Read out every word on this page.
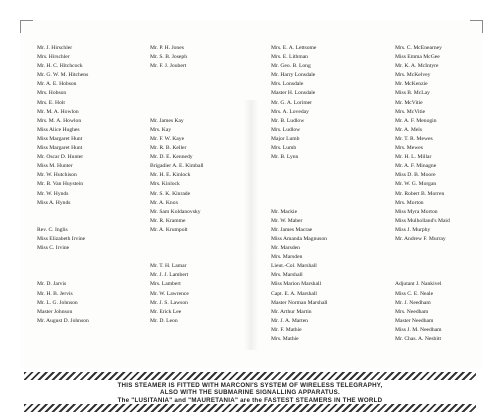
Mr. J. Hirschler
Mrs. Hirschler
Mr. H. C. Hitchcock
Mr. G. W. M. Hitchens
Mr. A. E. Hobson
Mrs. Hobson
Mrs. E. Holt
Mr. M. A. Howlon
Mrs. M. A. Howlon
Miss Alice Hughes
Miss Margaret Hunt
Miss Margaret Hunt
Mr. Oscar D. Hunter
Miss M. Hunter
Mr. W. Hutchison
Mr. B. Van Huystein
Mr. W. Hynds
Miss A. Hynds
Rev. C. Inglis
Miss Elizabeth Irvine
Miss C. Irvine
Mr. D. Jarvis
Mr. H. B. Jervis
Mr. L. G. Johnson
Master Johnson
Mr. August D. Johnson
Mr. P. H. Jones
Mr. S. B. Joseph
Mr. F. J. Joubert
Mr. James Kay
Mrs. Kay
Mr. F. W. Kaye
Mr. R. B. Keller
Mr. D. E. Kennedy
Brigadier A. E. Kimball
Mr. H. E. Kinlock
Mrs. Kinlock
Mr. S. K. Kinrade
Mr. A. Knox
Mr. Sam Koldanovsky
Mr. R. Kramme
Mr. A. Krumpolt
Mr. T. H. Lamar
Mr. J. J. Lambert
Mrs. Lambert
Mr. W. Lawrence
Mr. J. S. Lawson
Mr. Erick Lee
Mr. D. Leon
Mrs. E. A. Lettsome
Mrs. E. Lithman
Mr. Geo. B. Long
Mr. Harry Lonsdale
Mrs. Lonsdale
Master H. Lonsdale
Mr. G. A. Lorimer
Mrs. A. Loveday
Mr. B. Ludlow
Mrs. Ludlow
Major Lumb
Mrs. Lumb
Mr. B. Lynn
Mr. Mackie
Mr. W. Maber
Mr. James Macrae
Miss Amanda Magnuson
Mr. Marsden
Mrs. Marsden
Lieut.-Col. Marshall
Mrs. Marshall
Miss Marion Marshall
Capt. E. A. Marshall
Master Norman Marshall
Mr. Arthur Martin
Mr. J. A. Marten
Mr. F. Mathie
Mrs. Mathie
Mrs. C. McEnearney
Miss Emma McGee
Mr. K. A. McIntyre
Mrs. McKelvey
Mr. McKenzie
Miss B. McLay
Mr. McVitie
Mrs. McVitie
Mr. A. F. Menogin
Mr. A. Mels
Mr. T. R. Mewes
Mrs. Mewes
Mr. H. L. Millar
Mr. A. F. Minagne
Miss D. B. Moore
Mr. W. G. Morgan
Mr. Robert B. Morren
Mrs. Morton
Miss Myra Morton
Miss Mulholland's Maid
Miss J. Murphy
Mr. Andrew F. Murray
Adjutant J. Nankivel
Miss C. E. Neale
Mr. J. Needham
Mrs. Needham
Master Needham
Miss J. M. Needham
Mr. Chas. A. Nesbitt
THIS STEAMER IS FITTED WITH MARCONI'S SYSTEM OF WIRELESS TELEGRAPHY,
ALSO WITH THE SUBMARINE SIGNALLING APPARATUS.
The "LUSITANIA" and "MAURETANIA" are the FASTEST STEAMERS IN THE WORLD
